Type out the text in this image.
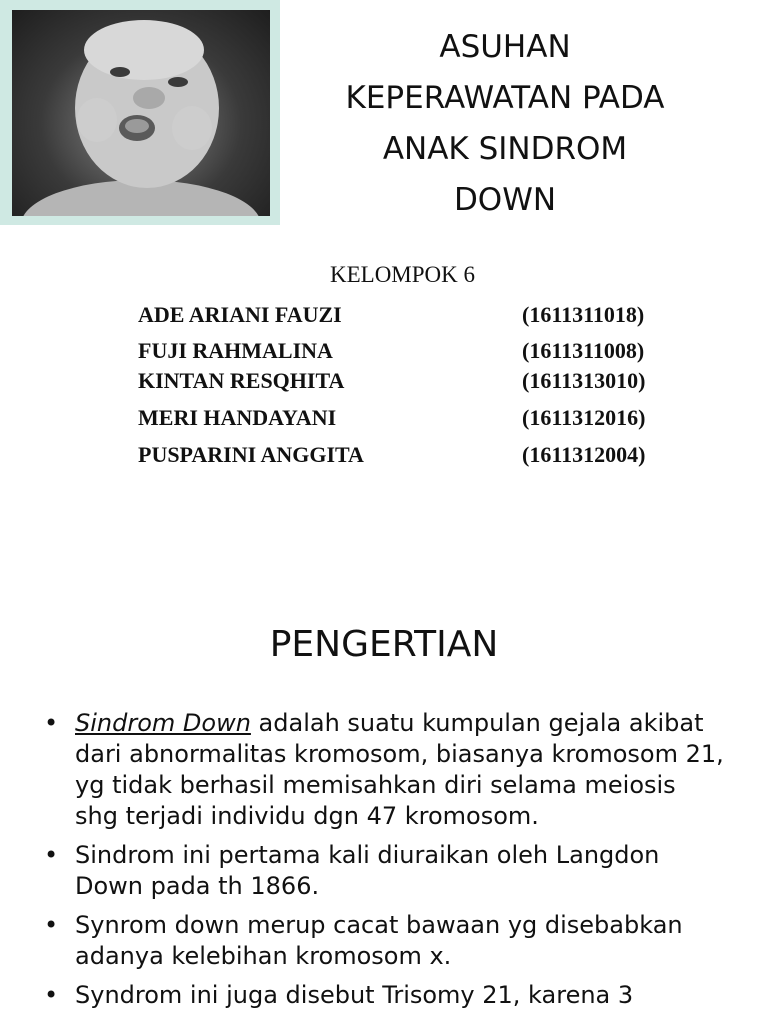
ASUHAN
KEPERAWATAN PADA
ANAK SINDROM
DOWN
KELOMPOK 6
ADE ARIANI FAUZI	(1611311018)
FUJI RAHMALINA	(1611311008)
KINTAN RESQHITA	(1611313010)
MERI HANDAYANI	(1611312016)
PUSPARINI ANGGITA	(1611312004)
PENGERTIAN
• Sindrom Down adalah suatu kumpulan gejala akibat dari abnormalitas kromosom, biasanya kromosom 21, yg tidak berhasil memisahkan diri selama meiosis shg terjadi individu dgn 47 kromosom.
• Sindrom ini pertama kali diuraikan oleh Langdon Down pada th 1866.
• Synrom down merup cacat bawaan yg disebabkan adanya kelebihan kromosom x.
• Syndrom ini juga disebut Trisomy 21, karena 3
